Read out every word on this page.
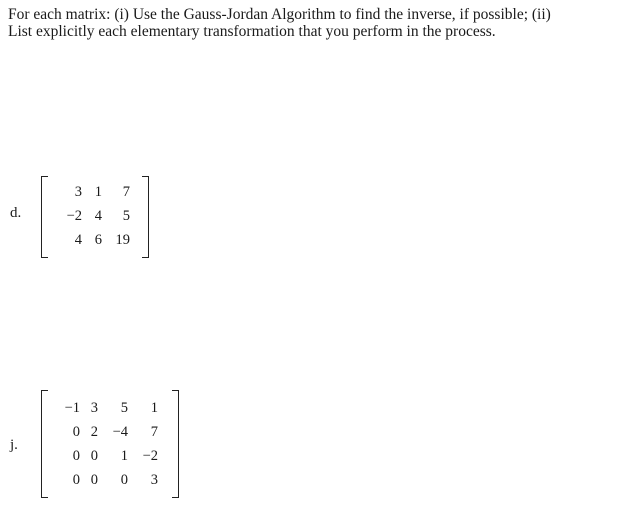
For each matrix: (i) Use the Gauss-Jordan Algorithm to find the inverse, if possible; (ii)
List explicitly each elementary transformation that you perform in the process.
d.
3	1	7
−2	4	5
4	6	19
j.
−1	3	5	1
0	2	−4	7
0	0	1	−2
0	0	0	3
